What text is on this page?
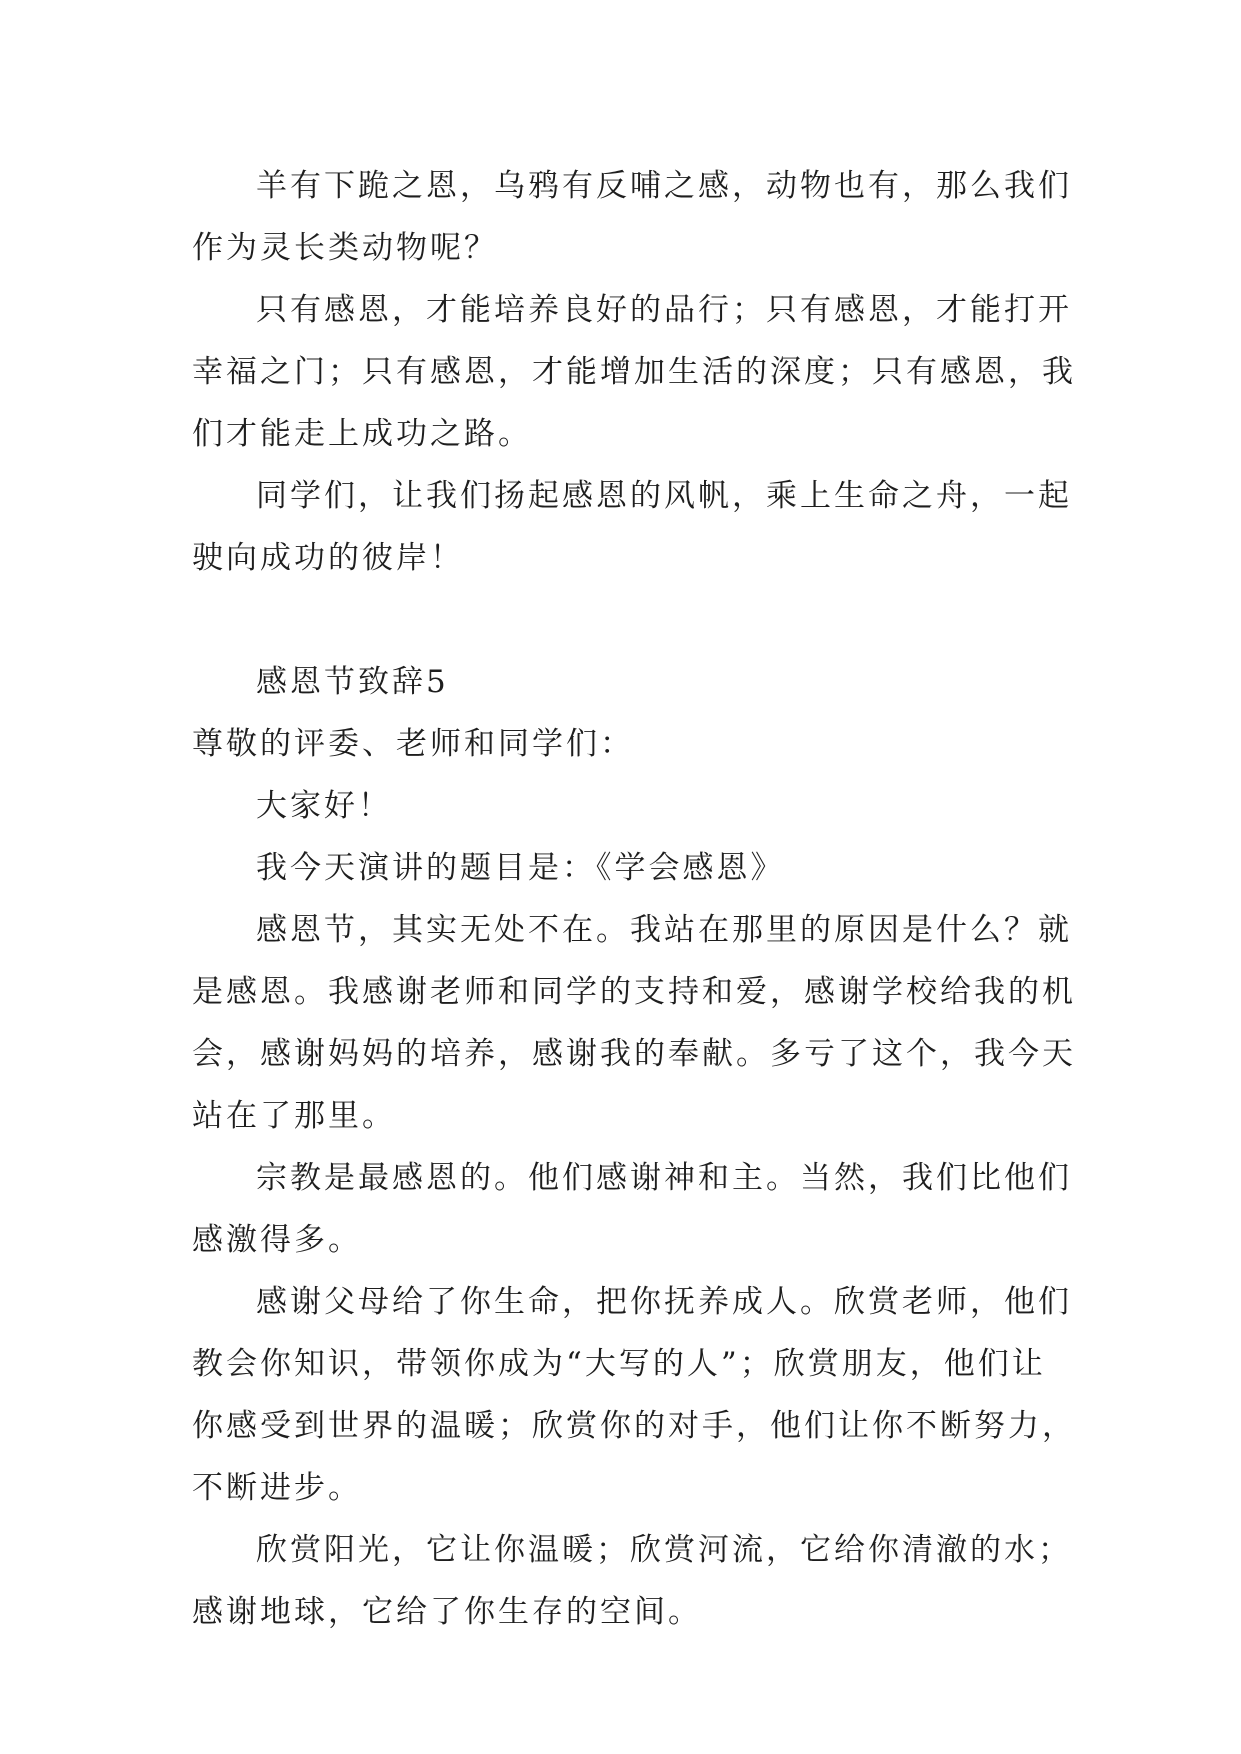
羊有下跪之恩，乌鸦有反哺之感，动物也有，那么我们

作为灵长类动物呢？

只有感恩，才能培养良好的品行；只有感恩，才能打开

幸福之门；只有感恩，才能增加生活的深度；只有感恩，我

们才能走上成功之路。

同学们，让我们扬起感恩的风帆，乘上生命之舟，一起

驶向成功的彼岸！

感恩节致辞5

尊敬的评委、老师和同学们：

大家好！

我今天演讲的题目是：《学会感恩》

感恩节，其实无处不在。我站在那里的原因是什么？就

是感恩。我感谢老师和同学的支持和爱，感谢学校给我的机

会，感谢妈妈的培养，感谢我的奉献。多亏了这个，我今天

站在了那里。

宗教是最感恩的。他们感谢神和主。当然，我们比他们

感激得多。

感谢父母给了你生命，把你抚养成人。欣赏老师，他们

教会你知识，带领你成为“大写的人”；欣赏朋友，他们让

你感受到世界的温暖；欣赏你的对手，他们让你不断努力，

不断进步。

欣赏阳光，它让你温暖；欣赏河流，它给你清澈的水；

感谢地球，它给了你生存的空间。
